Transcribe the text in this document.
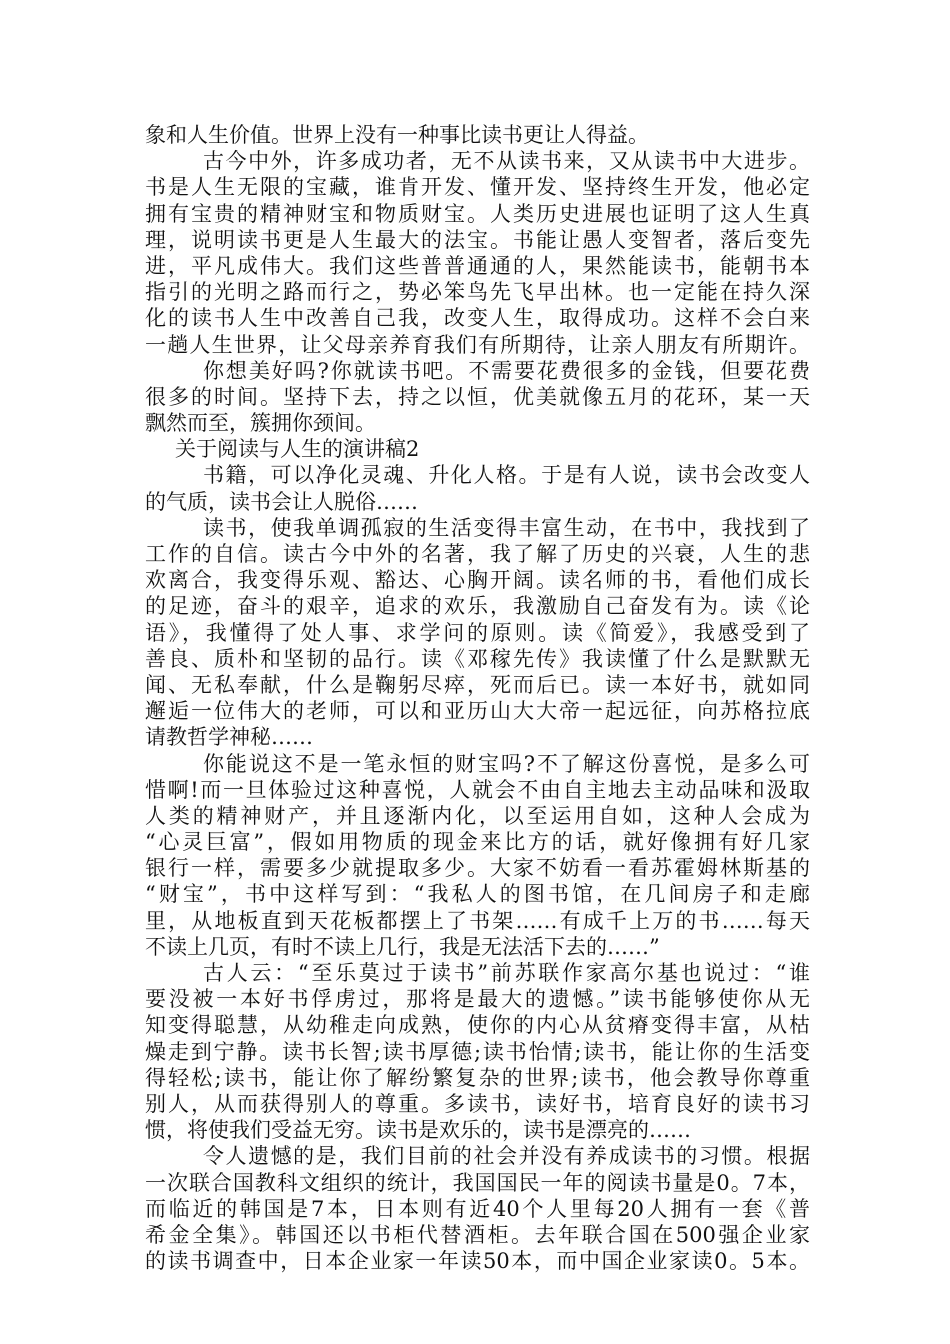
象和人生价值。世界上没有一种事比读书更让人得益。
古今中外，许多成功者，无不从读书来，又从读书中大进步。
书是人生无限的宝藏，谁肯开发、懂开发、坚持终生开发，他必定
拥有宝贵的精神财宝和物质财宝。人类历史进展也证明了这人生真
理，说明读书更是人生最大的法宝。书能让愚人变智者，落后变先
进，平凡成伟大。我们这些普普通通的人，果然能读书，能朝书本
指引的光明之路而行之，势必笨鸟先飞早出林。也一定能在持久深
化的读书人生中改善自己我，改变人生，取得成功。这样不会白来
一趟人生世界，让父母亲养育我们有所期待，让亲人朋友有所期许。
你想美好吗?你就读书吧。不需要花费很多的金钱，但要花费
很多的时间。坚持下去，持之以恒，优美就像五月的花环，某一天
飘然而至，簇拥你颈间。
关于阅读与人生的演讲稿2
书籍，可以净化灵魂、升化人格。于是有人说，读书会改变人
的气质，读书会让人脱俗……
读书，使我单调孤寂的生活变得丰富生动，在书中，我找到了
工作的自信。读古今中外的名著，我了解了历史的兴衰，人生的悲
欢离合，我变得乐观、豁达、心胸开阔。读名师的书，看他们成长
的足迹，奋斗的艰辛，追求的欢乐，我激励自己奋发有为。读《论
语》，我懂得了处人事、求学问的原则。读《简爱》，我感受到了
善良、质朴和坚韧的品行。读《邓稼先传》我读懂了什么是默默无
闻、无私奉献，什么是鞠躬尽瘁，死而后已。读一本好书，就如同
邂逅一位伟大的老师，可以和亚历山大大帝一起远征，向苏格拉底
请教哲学神秘……
你能说这不是一笔永恒的财宝吗?不了解这份喜悦，是多么可
惜啊!而一旦体验过这种喜悦，人就会不由自主地去主动品味和汲取
人类的精神财产，并且逐渐内化，以至运用自如，这种人会成为
“心灵巨富”，假如用物质的现金来比方的话，就好像拥有好几家
银行一样，需要多少就提取多少。大家不妨看一看苏霍姆林斯基的
“财宝”，书中这样写到：“我私人的图书馆，在几间房子和走廊
里，从地板直到天花板都摆上了书架……有成千上万的书……每天
不读上几页，有时不读上几行，我是无法活下去的……”
古人云：“至乐莫过于读书”前苏联作家高尔基也说过：“谁
要没被一本好书俘虏过，那将是最大的遗憾。”读书能够使你从无
知变得聪慧，从幼稚走向成熟，使你的内心从贫瘠变得丰富，从枯
燥走到宁静。读书长智;读书厚德;读书怡情;读书，能让你的生活变
得轻松;读书，能让你了解纷繁复杂的世界;读书，他会教导你尊重
别人，从而获得别人的尊重。多读书，读好书，培育良好的读书习
惯，将使我们受益无穷。读书是欢乐的，读书是漂亮的……
令人遗憾的是，我们目前的社会并没有养成读书的习惯。根据
一次联合国教科文组织的统计，我国国民一年的阅读书量是0。7本，
而临近的韩国是7本，日本则有近40个人里每20人拥有一套《普
希金全集》。韩国还以书柜代替酒柜。去年联合国在500强企业家
的读书调查中，日本企业家一年读50本，而中国企业家读0。5本。
